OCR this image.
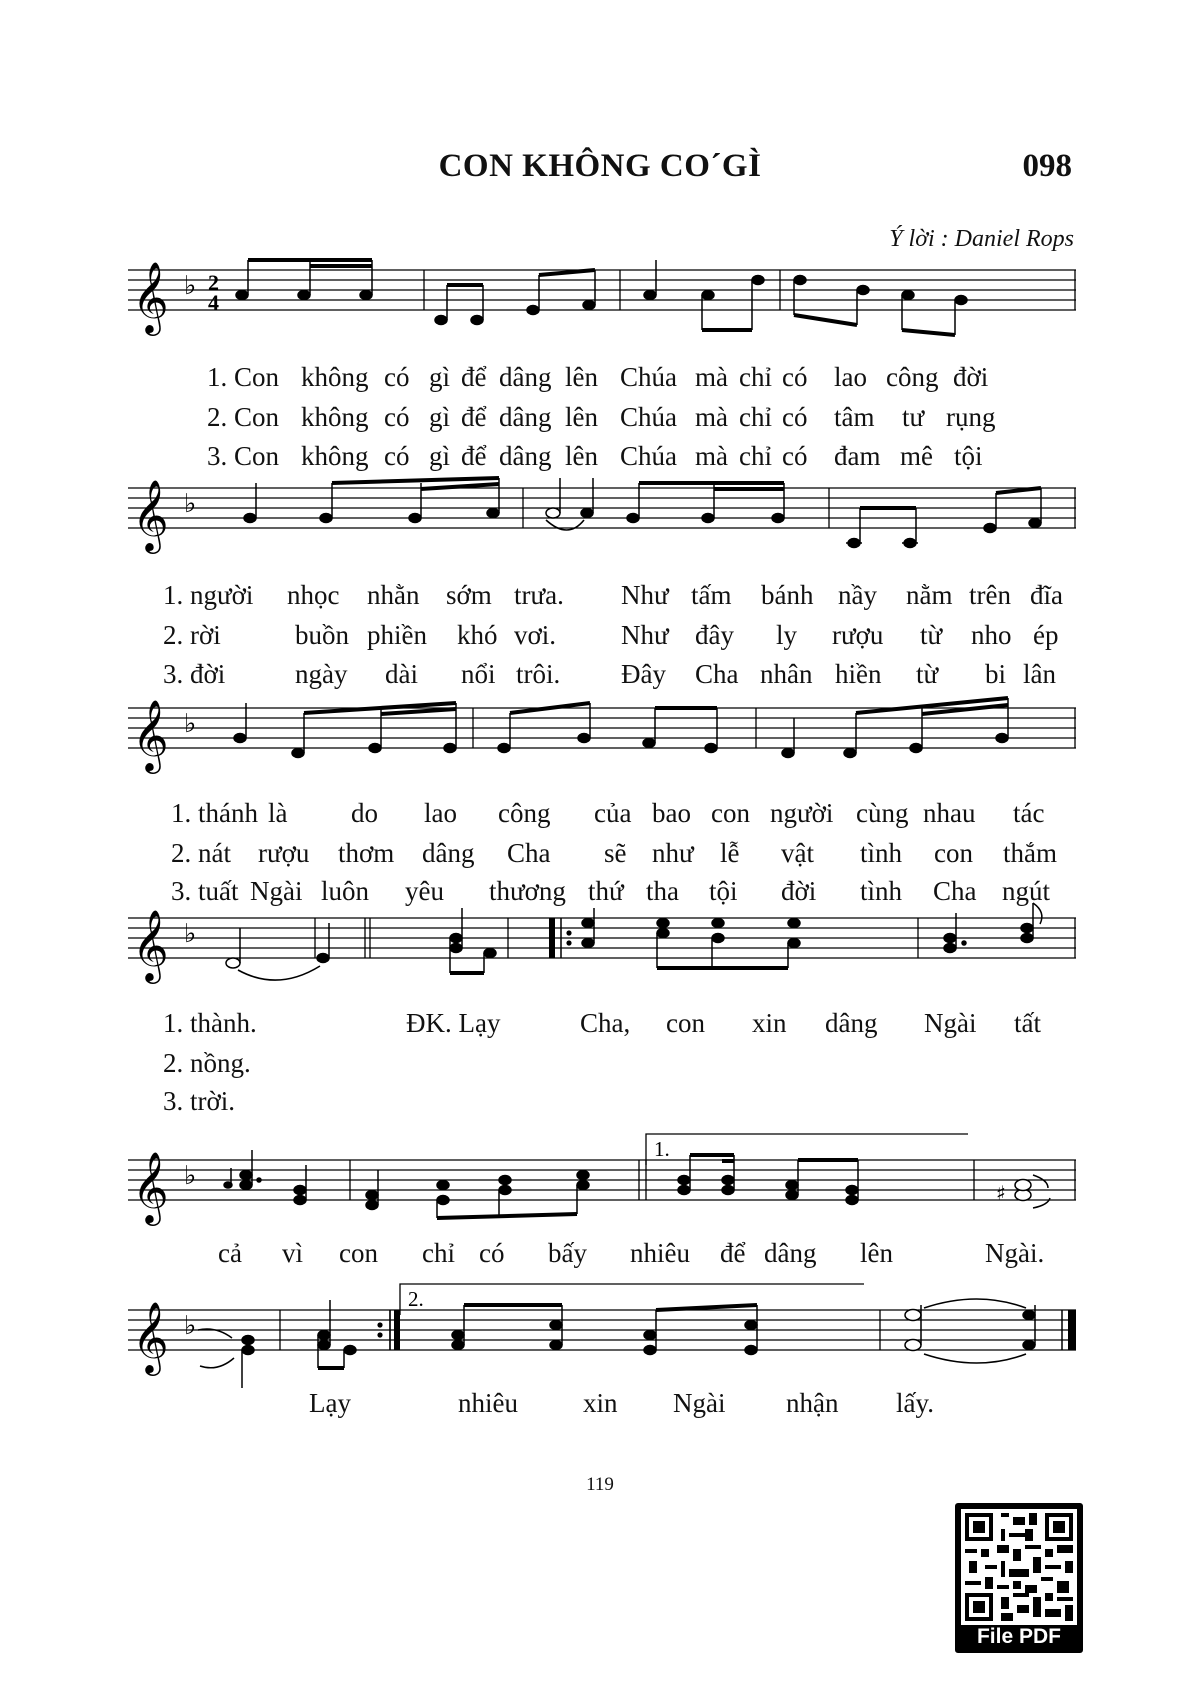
CON KHÔNG CO´GÌ	098
Ý lời : Daniel Rops
𝄞 ♭ 2
4
1. Con không có gì để dâng lên Chúa mà chỉ có lao công đời
2. Con không có gì để dâng lên Chúa mà chỉ có tâm tư rụng
3. Con không có gì để dâng lên Chúa mà chỉ có đam mê tội
𝄞 ♭
1. người nhọc nhằn sớm trưa. Như tấm bánh nầy nằm trên đĩa
2. rời	buồn phiền khó vơi. Như đây ly rượu từ nho ép
3. đời	ngày dài nổi trôi. Đây Cha nhân hiền từ bi lân
𝄞 ♭
1. thánh là do lao công của bao con người cùng nhau tác
2. nát rượu thơm dâng Cha sẽ như lễ vật tình con thắm
3. tuất Ngài luôn yêu thương thứ tha tội đời tình Cha ngút
𝄞 ♭
1. thành.	ĐK. Lạy	Cha, con xin dâng Ngài tất
2. nồng.
3. trời.
1.
𝄞 ♭
♯
cả vì con chỉ có bấy nhiêu để dâng lên	Ngài.
2.
𝄞 ♭
Lạy	nhiêu xin Ngài nhận lấy.
119
File PDF
